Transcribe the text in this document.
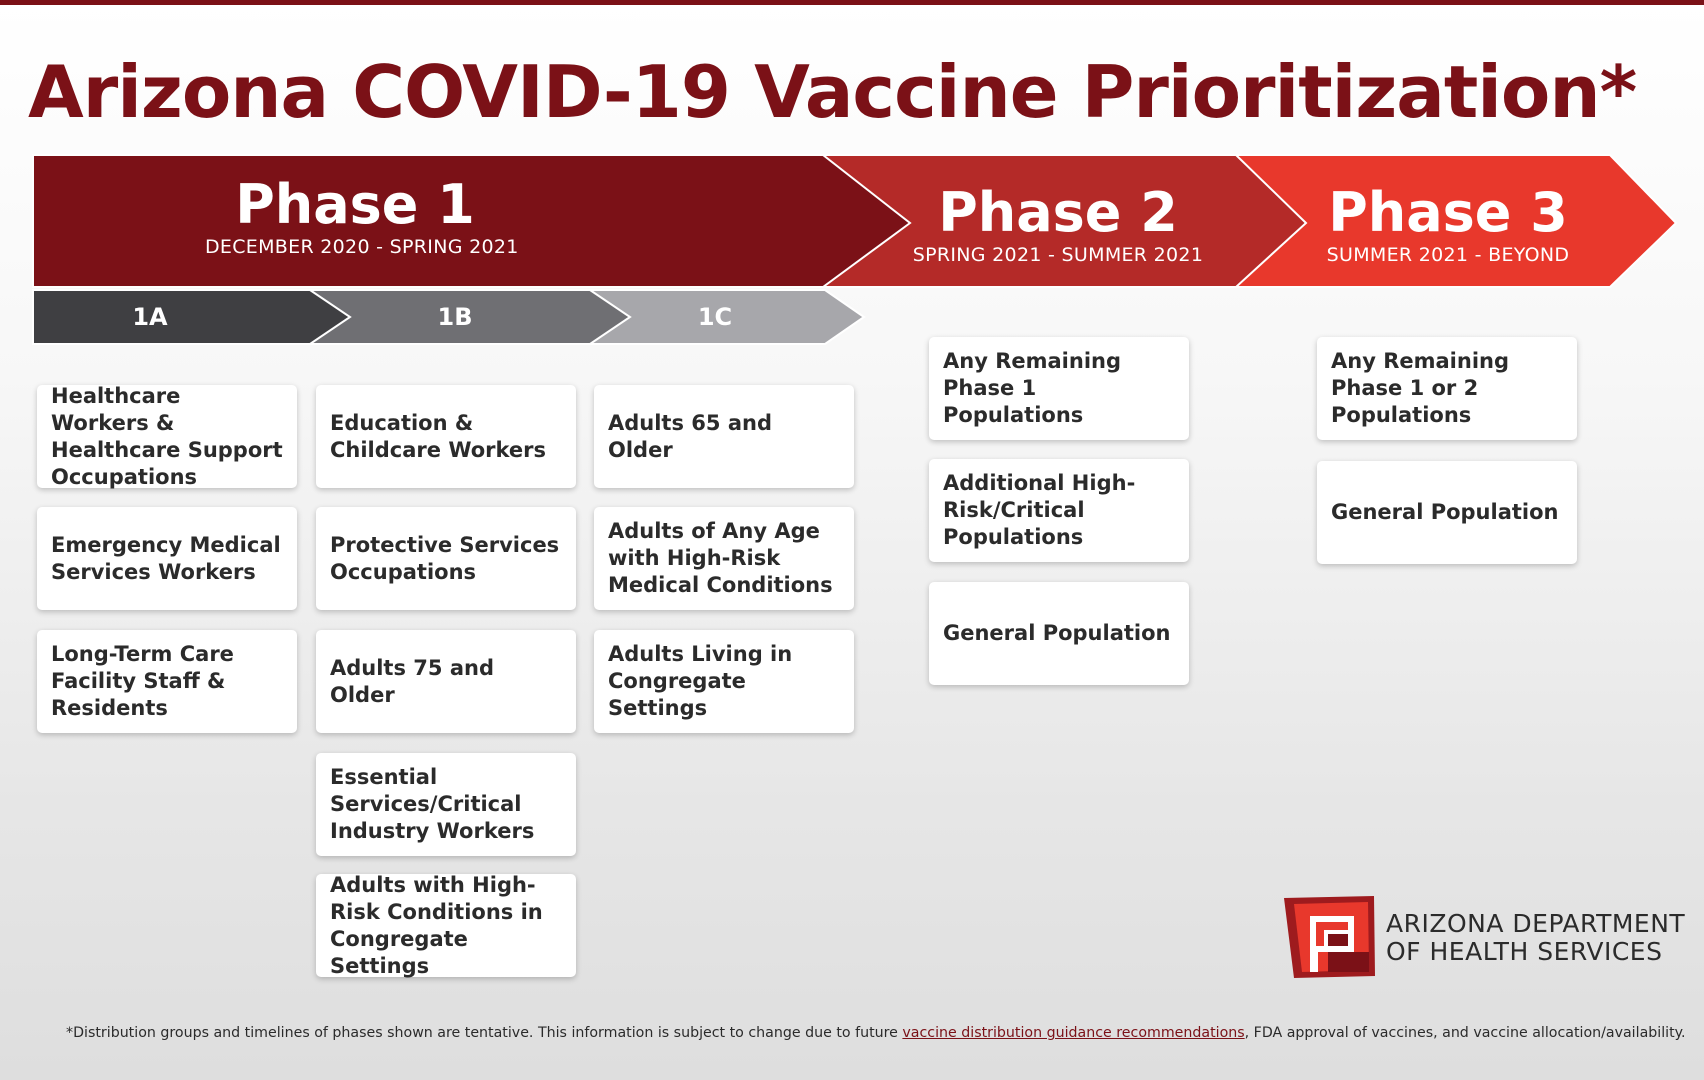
Arizona COVID-19 Vaccine Prioritization*
Phase 1
DECEMBER 2020 - SPRING 2021
Phase 2
SPRING 2021 - SUMMER 2021
Phase 3
SUMMER 2021 - BEYOND
1A	1B	1C
Healthcare Workers & Healthcare Support Occupations
Emergency Medical Services Workers
Long-Term Care Facility Staff & Residents
Education & Childcare Workers
Protective Services Occupations
Adults 75 and Older
Essential Services/Critical Industry Workers
Adults with High-Risk Conditions in Congregate Settings
Adults 65 and Older
Adults of Any Age with High-Risk Medical Conditions
Adults Living in Congregate Settings
Any Remaining Phase 1 Populations
Additional High-Risk/Critical Populations
General Population
Any Remaining Phase 1 or 2 Populations
General Population
ARIZONA DEPARTMENT
OF HEALTH SERVICES

*Distribution groups and timelines of phases shown are tentative. This information is subject to change due to future vaccine distribution guidance recommendations, FDA approval of vaccines, and vaccine allocation/availability.
